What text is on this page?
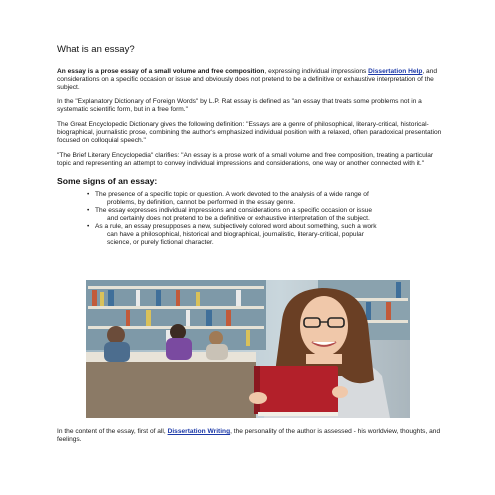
What is an essay?

An essay is a prose essay of a small volume and free composition, expressing individual impressions Dissertation Help, and considerations on a specific occasion or issue and obviously does not pretend to be a definitive or exhaustive interpretation of the subject.

In the "Explanatory Dictionary of Foreign Words" by L.P. Rat essay is defined as "an essay that treats some problems not in a systematic scientific form, but in a free form."

The Great Encyclopedic Dictionary gives the following definition: "Essays are a genre of philosophical, literary-critical, historical-biographical, journalistic prose, combining the author's emphasized individual position with a relaxed, often paradoxical presentation focused on colloquial speech."

"The Brief Literary Encyclopedia" clarifies: "An essay is a prose work of a small volume and free composition, treating a particular topic and representing an attempt to convey individual impressions and considerations, one way or another connected with it."

Some signs of an essay:
• The presence of a specific topic or question. A work devoted to the analysis of a wide range of
problems, by definition, cannot be performed in the essay genre.
• The essay expresses individual impressions and considerations on a specific occasion or issue
and certainly does not pretend to be a definitive or exhaustive interpretation of the subject.
• As a rule, an essay presupposes a new, subjectively colored word about something, such a work
can have a philosophical, historical and biographical, journalistic, literary-critical, popular
science, or purely fictional character.

In the content of the essay, first of all, Dissertation Writing, the personality of the author is assessed - his worldview, thoughts, and feelings.
